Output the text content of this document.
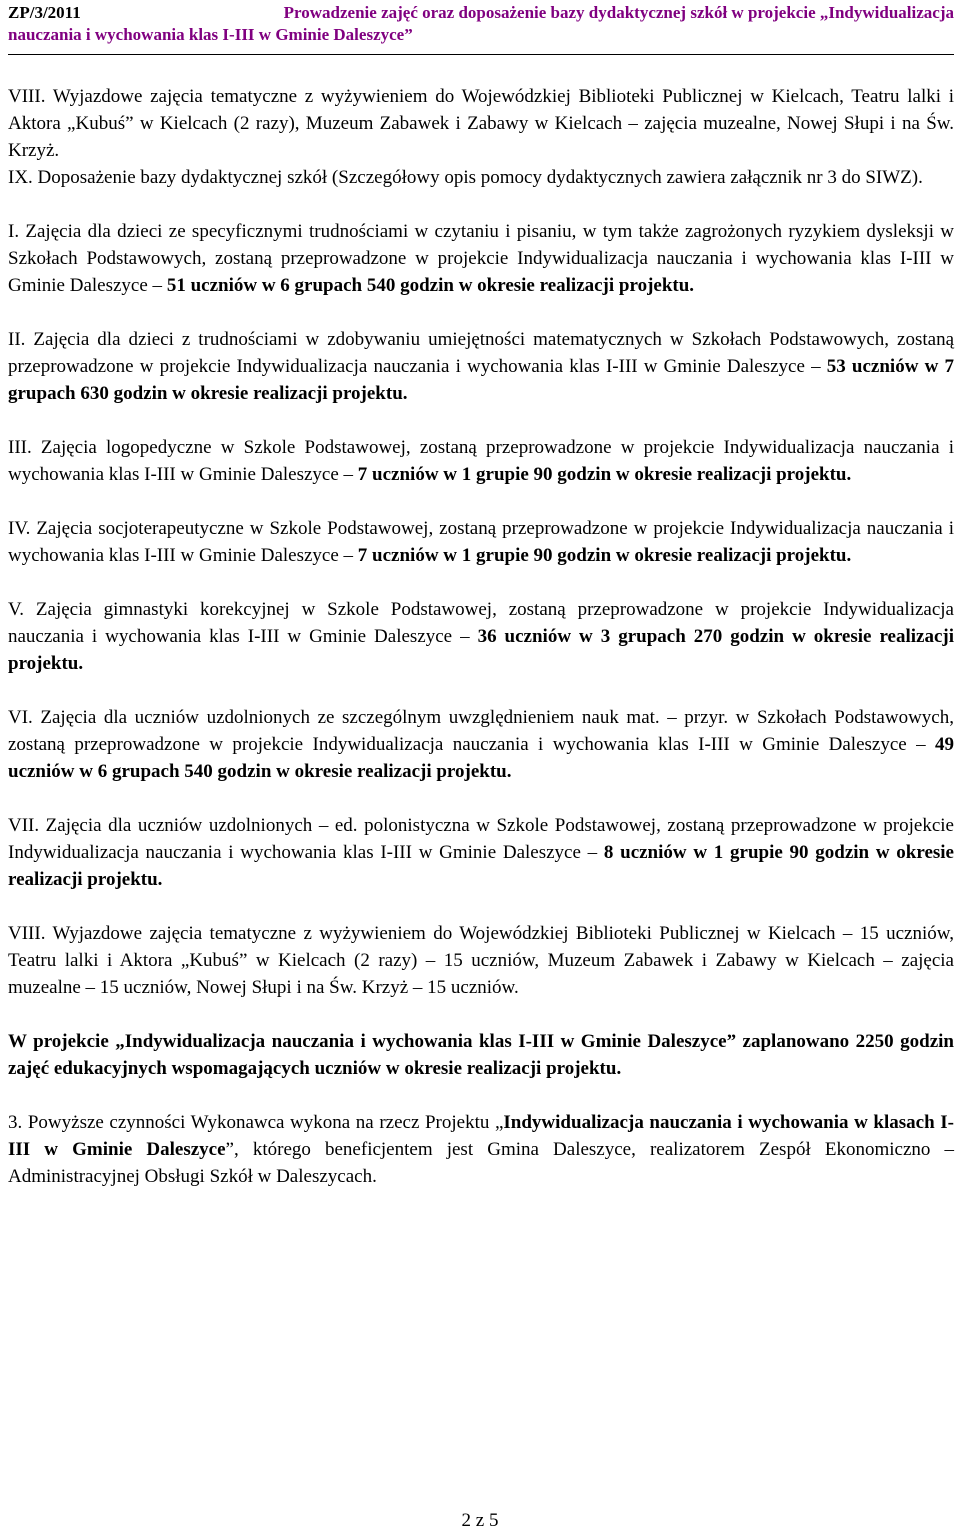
ZP/3/2011	Prowadzenie zajęć oraz doposażenie bazy dydaktycznej szkół w projekcie „Indywidualizacja
nauczania i wychowania klas I-III w Gminie Daleszyce”

VIII. Wyjazdowe zajęcia tematyczne z wyżywieniem do Wojewódzkiej Biblioteki Publicznej w Kielcach, Teatru lalki i Aktora „Kubuś” w Kielcach (2 razy), Muzeum Zabawek i Zabawy w Kielcach – zajęcia muzealne, Nowej Słupi i na Św. Krzyż.

IX. Doposażenie bazy dydaktycznej szkół (Szczegółowy opis pomocy dydaktycznych zawiera załącznik nr 3 do SIWZ).

I. Zajęcia dla dzieci ze specyficznymi trudnościami w czytaniu i pisaniu, w tym także zagrożonych ryzykiem dysleksji w Szkołach Podstawowych, zostaną przeprowadzone w projekcie Indywidualizacja nauczania i wychowania klas I-III w Gminie Daleszyce – 51 uczniów w 6 grupach 540 godzin w okresie realizacji projektu.

II. Zajęcia dla dzieci z trudnościami w zdobywaniu umiejętności matematycznych w Szkołach Podstawowych, zostaną przeprowadzone w projekcie Indywidualizacja nauczania i wychowania klas I-III w Gminie Daleszyce – 53 uczniów w 7 grupach 630 godzin w okresie realizacji projektu.

III. Zajęcia logopedyczne w Szkole Podstawowej, zostaną przeprowadzone w projekcie Indywidualizacja nauczania i wychowania klas I-III w Gminie Daleszyce – 7 uczniów w 1 grupie 90 godzin w okresie realizacji projektu.

IV. Zajęcia socjoterapeutyczne w Szkole Podstawowej, zostaną przeprowadzone w projekcie Indywidualizacja nauczania i wychowania klas I-III w Gminie Daleszyce – 7 uczniów w 1 grupie 90 godzin w okresie realizacji projektu.

V. Zajęcia gimnastyki korekcyjnej w Szkole Podstawowej, zostaną przeprowadzone w projekcie Indywidualizacja nauczania i wychowania klas I-III w Gminie Daleszyce – 36 uczniów w 3 grupach 270 godzin w okresie realizacji projektu.

VI. Zajęcia dla uczniów uzdolnionych ze szczególnym uwzględnieniem nauk mat. – przyr. w Szkołach Podstawowych, zostaną przeprowadzone w projekcie Indywidualizacja nauczania i wychowania klas I-III w Gminie Daleszyce – 49 uczniów w 6 grupach 540 godzin w okresie realizacji projektu.

VII. Zajęcia dla uczniów uzdolnionych – ed. polonistyczna w Szkole Podstawowej, zostaną przeprowadzone w projekcie Indywidualizacja nauczania i wychowania klas I-III w Gminie Daleszyce – 8 uczniów w 1 grupie 90 godzin w okresie realizacji projektu.

VIII. Wyjazdowe zajęcia tematyczne z wyżywieniem do Wojewódzkiej Biblioteki Publicznej w Kielcach – 15 uczniów, Teatru lalki i Aktora „Kubuś” w Kielcach (2 razy) – 15 uczniów, Muzeum Zabawek i Zabawy w Kielcach – zajęcia muzealne – 15 uczniów, Nowej Słupi i na Św. Krzyż – 15 uczniów.

W projekcie „Indywidualizacja nauczania i wychowania klas I-III w Gminie Daleszyce” zaplanowano 2250 godzin zajęć edukacyjnych wspomagających uczniów w okresie realizacji projektu.

3. Powyższe czynności Wykonawca wykona na rzecz Projektu „Indywidualizacja nauczania i wychowania w klasach I-III w Gminie Daleszyce”, którego beneficjentem jest Gmina Daleszyce, realizatorem Zespół Ekonomiczno – Administracyjnej Obsługi Szkół w Daleszycach.

2 z 5
